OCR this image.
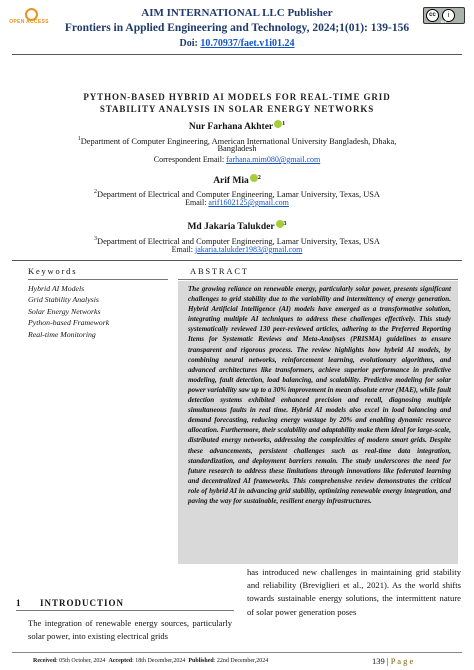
OPEN ACCESS
cc	i
BY
AIM INTERNATIONAL LLC Publisher
Frontiers in Applied Engineering and Technology, 2024;1(01): 139-156
Doi: 10.70937/faet.v1i01.24
PYTHON-BASED HYBRID AI MODELS FOR REAL-TIME GRID
STABILITY ANALYSIS IN SOLAR ENERGY NETWORKS
Nur Farhana Akhter $^1$
$^1$Department of Computer Engineering, American International University Bangladesh, Dhaka,
Bangladesh
Correspondent Email: farhana.mim080@gmail.com
Arif Mia $^2$
$^2$Department of Electrical and Computer Engineering, Lamar University, Texas, USA
Email: arif1602125@gmail.com
Md Jakaria Talukder $^3$
$^3$Department of Electrical and Computer Engineering, Lamar University, Texas, USA
Email: jakaria.talukder1983@gmail.com
Keywords
Hybrid AI Models
Grid Stability Analysis
Solar Energy Networks
Python-based Framework
Real-time Monitoring
ABSTRACT
The growing reliance on renewable energy, particularly solar power, presents significant challenges to grid stability due to the variability and intermittency of energy generation. Hybrid Artificial Intelligence (AI) models have emerged as a transformative solution, integrating multiple AI techniques to address these challenges effectively. This study systematically reviewed 130 peer-reviewed articles, adhering to the Preferred Reporting Items for Systematic Reviews and Meta-Analyses (PRISMA) guidelines to ensure transparent and rigorous process. The review highlights how hybrid AI models, by combining neural networks, reinforcement learning, evolutionary algorithms, and advanced architectures like transformers, achieve superior performance in predictive modeling, fault detection, load balancing, and scalability. Predictive modeling for solar power variability saw up to a 30% improvement in mean absolute error (MAE), while fault detection systems exhibited enhanced precision and recall, diagnosing multiple simultaneous faults in real time. Hybrid AI models also excel in load balancing and demand forecasting, reducing energy wastage by 20% and enabling dynamic resource allocation. Furthermore, their scalability and adaptability make them ideal for large-scale, distributed energy networks, addressing the complexities of modern smart grids. Despite these advancements, persistent challenges such as real-time data integration, standardization, and deployment barriers remain. The study underscores the need for future research to address these limitations through innovations like federated learning and decentralized AI frameworks. This comprehensive review demonstrates the critical role of hybrid AI in advancing grid stability, optimizing renewable energy integration, and paving the way for sustainable, resilient energy infrastructures.
1 INTRODUCTION
The integration of renewable energy sources, particularly solar power, into existing electrical grids
has introduced new challenges in maintaining grid stability and reliability (Breviglieri et al., 2021). As the world shifts towards sustainable energy solutions, the intermittent nature of solar power generation poses
Received: 05th October, 2024 Accepted: 18th December,2024 Published: 22nd December,2024	139 | P a g e
